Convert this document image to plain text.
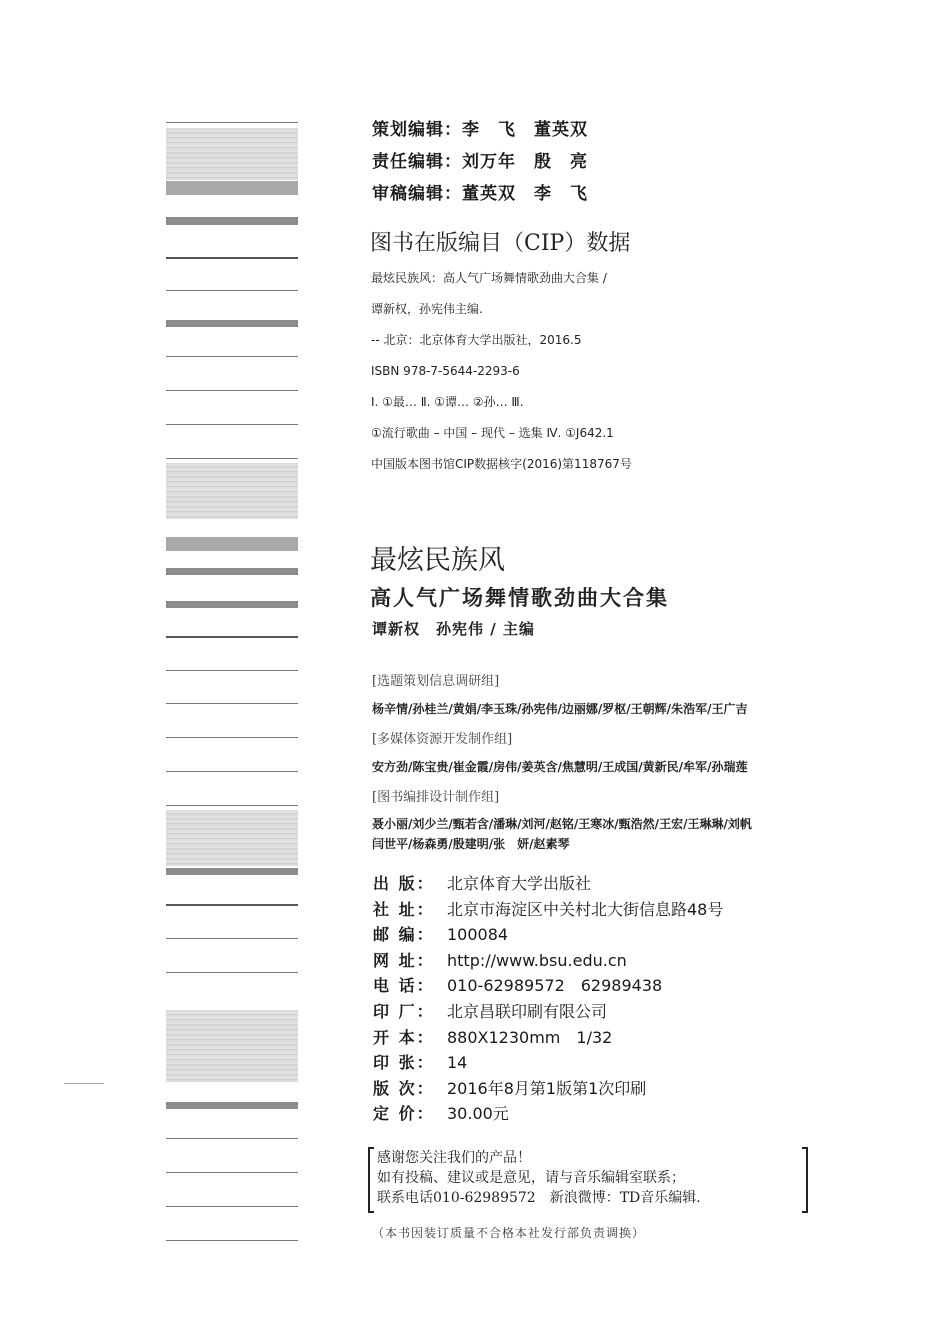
策划编辑：李　飞　董英双
责任编辑：刘万年　殷　亮
审稿编辑：董英双　李　飞
图书在版编目（CIP）数据
最炫民族风：高人气广场舞情歌劲曲大合集 /
谭新权，孙宪伟主编.
-- 北京：北京体育大学出版社，2016.5
ISBN 978-7-5644-2293-6
Ⅰ. ①最… Ⅱ. ①谭… ②孙… Ⅲ.
①流行歌曲 – 中国 – 现代 – 选集 Ⅳ. ①J642.1
中国版本图书馆CIP数据核字(2016)第118767号
最炫民族风
高人气广场舞情歌劲曲大合集
谭新权　孙宪伟 / 主编
[选题策划信息调研组]
杨辛情/孙桂兰/黄娟/李玉珠/孙宪伟/边丽娜/罗枢/王朝辉/朱浩军/王广吉
[多媒体资源开发制作组]
安方劲/陈宝贵/崔金霞/房伟/姜英含/焦慧明/王成国/黄新民/牟军/孙瑞莲
[图书编排设计制作组]
聂小丽/刘少兰/甄若含/潘琳/刘河/赵铭/王寒冰/甄浩然/王宏/王琳琳/刘帆
闫世平/杨森勇/殷建明/张　妍/赵素琴
出 版： 北京体育大学出版社
社 址： 北京市海淀区中关村北大街信息路48号
邮 编： 100084
网 址： http://www.bsu.edu.cn
电 话： 010-62989572　62989438
印 厂： 北京昌联印刷有限公司
开 本： 880X1230mm　1/32
印 张： 14
版 次： 2016年8月第1版第1次印刷
定 价： 30.00元
感谢您关注我们的产品！
如有投稿、建议或是意见，请与音乐编辑室联系；
联系电话010-62989572　新浪微博：TD音乐编辑.
（本书因装订质量不合格本社发行部负责调换）
